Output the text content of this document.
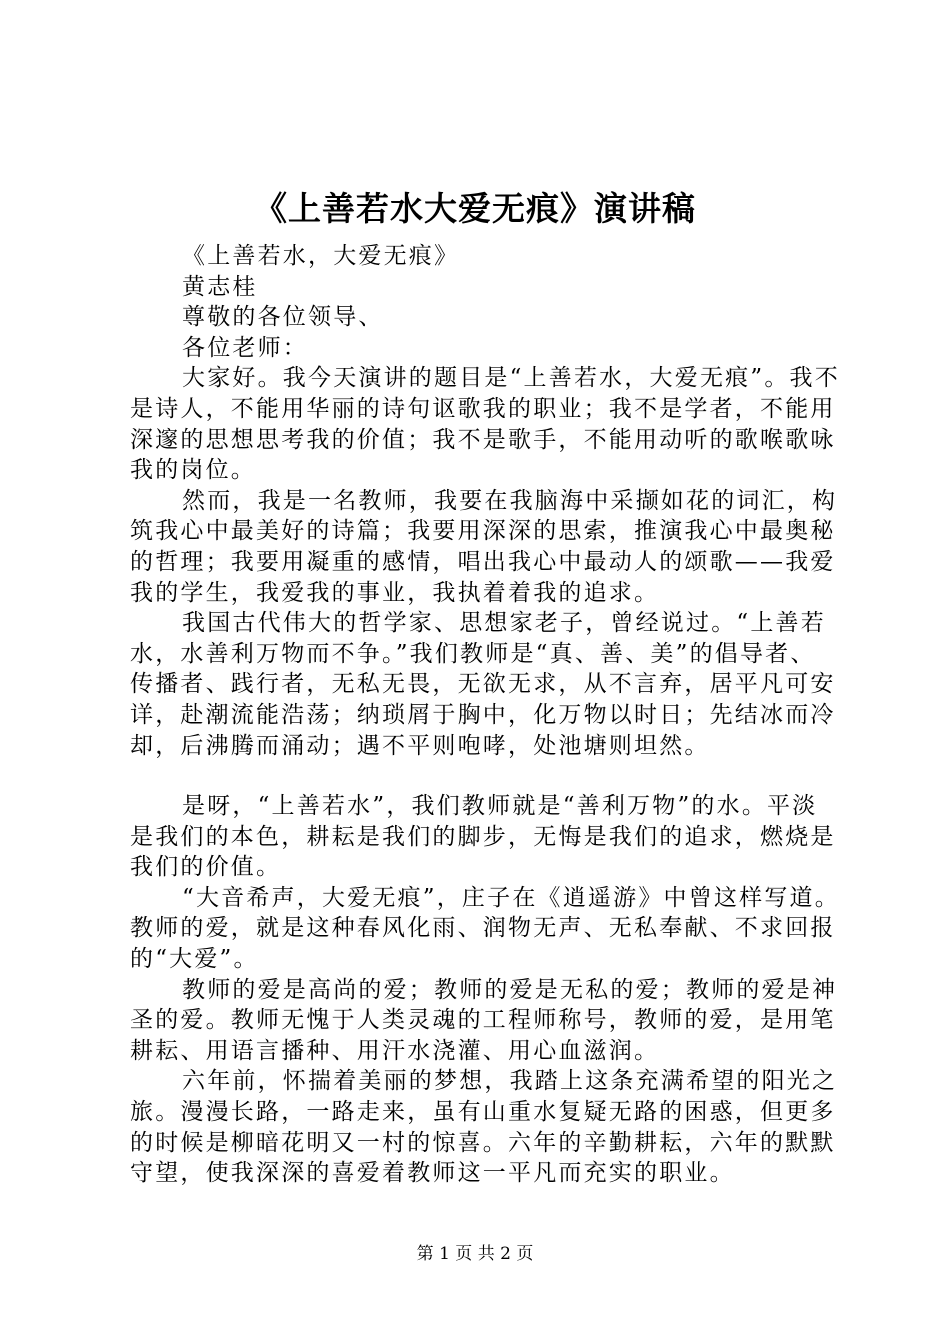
《上善若水大爱无痕》演讲稿

《上善若水，大爱无痕》

黄志桂

尊敬的各位领导、

各位老师：

大家好。我今天演讲的题目是“上善若水，大爱无痕”。我不是诗人，不能用华丽的诗句讴歌我的职业；我不是学者，不能用深邃的思想思考我的价值；我不是歌手，不能用动听的歌喉歌咏我的岗位。

然而，我是一名教师，我要在我脑海中采撷如花的词汇，构筑我心中最美好的诗篇；我要用深深的思索，推演我心中最奥秘的哲理；我要用凝重的感情，唱出我心中最动人的颂歌——我爱我的学生，我爱我的事业，我执着着我的追求。

我国古代伟大的哲学家、思想家老子，曾经说过。“上善若水，水善利万物而不争。”我们教师是“真、善、美”的倡导者、传播者、践行者，无私无畏，无欲无求，从不言弃，居平凡可安详，赴潮流能浩荡；纳琐屑于胸中，化万物以时日；先结冰而冷却，后沸腾而涌动；遇不平则咆哮，处池塘则坦然。

是呀，“上善若水”，我们教师就是“善利万物”的水。平淡是我们的本色，耕耘是我们的脚步，无悔是我们的追求，燃烧是我们的价值。

“大音希声，大爱无痕”，庄子在《逍遥游》中曾这样写道。教师的爱，就是这种春风化雨、润物无声、无私奉献、不求回报的“大爱”。

教师的爱是高尚的爱；教师的爱是无私的爱；教师的爱是神圣的爱。教师无愧于人类灵魂的工程师称号，教师的爱，是用笔耕耘、用语言播种、用汗水浇灌、用心血滋润。

六年前，怀揣着美丽的梦想，我踏上这条充满希望的阳光之旅。漫漫长路，一路走来，虽有山重水复疑无路的困惑，但更多的时候是柳暗花明又一村的惊喜。六年的辛勤耕耘，六年的默默守望，使我深深的喜爱着教师这一平凡而充实的职业。

第 1 页 共 2 页
